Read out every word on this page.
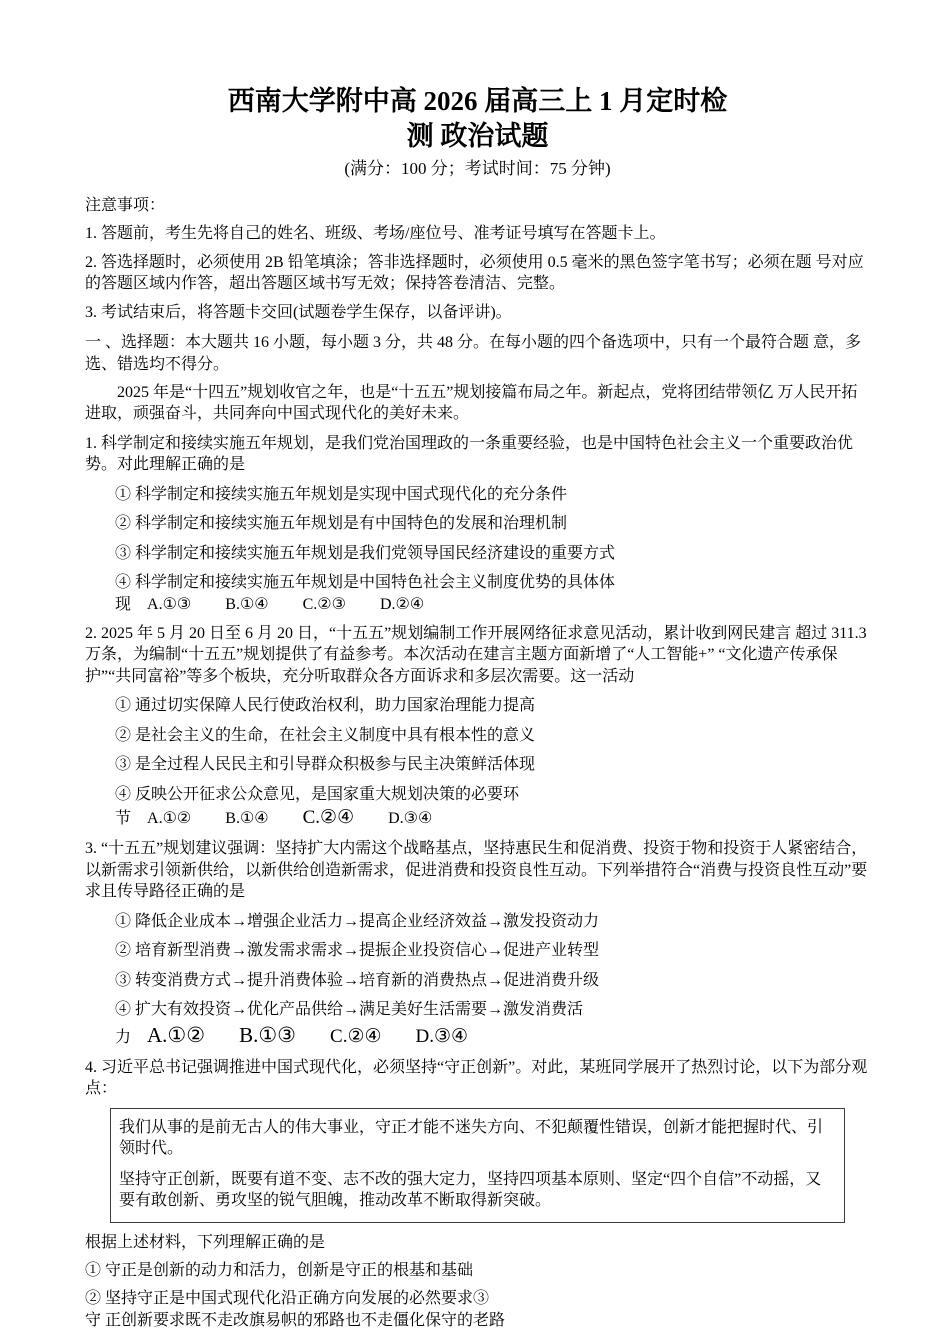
西南大学附中高 2026 届高三上 1 月定时检
测 政治试题
(满分：100 分；考试时间：75 分钟)

注意事项：

1. 答题前，考生先将自己的姓名、班级、考场/座位号、准考证号填写在答题卡上。

2. 答选择题时，必须使用 2B 铅笔填涂；答非选择题时，必须使用 0.5 毫米的黑色签字笔书写；必须在题 号对应的答题区域内作答，超出答题区域书写无效；保持答卷清洁、完整。

3. 考试结束后，将答题卡交回(试题卷学生保存，以备评讲)。

一 、选择题：本大题共 16 小题，每小题 3 分，共 48 分。在每小题的四个备选项中，只有一个最符合题 意，多选、错选均不得分。

2025 年是“十四五”规划收官之年，也是“十五五”规划接篇布局之年。新起点，党将团结带领亿 万人民开拓进取，顽强奋斗，共同奔向中国式现代化的美好未来。

1. 科学制定和接续实施五年规划，是我们党治国理政的一条重要经验，也是中国特色社会主义一个重要政治优势。对此理解正确的是

① 科学制定和接续实施五年规划是实现中国式现代化的充分条件

② 科学制定和接续实施五年规划是有中国特色的发展和治理机制

③ 科学制定和接续实施五年规划是我们党领导国民经济建设的重要方式

④ 科学制定和接续实施五年规划是中国特色社会主义制度优势的具体体
现 A.①③ B.①④ C.②③ D.②④

2. 2025 年 5 月 20 日至 6 月 20 日，“十五五”规划编制工作开展网络征求意见活动，累计收到网民建言 超过 311.3 万条，为编制“十五五”规划提供了有益参考。本次活动在建言主题方面新增了“人工智能+” “文化遗产传承保护”“共同富裕”等多个板块，充分听取群众各方面诉求和多层次需要。这一活动

① 通过切实保障人民行使政治权利，助力国家治理能力提高

② 是社会主义的生命，在社会主义制度中具有根本性的意义

③ 是全过程人民民主和引导群众积极参与民主决策鲜活体现

④ 反映公开征求公众意见，是国家重大规划决策的必要环
节 A.①② B.①④ C.②④ D.③④

3. “十五五”规划建议强调：坚持扩大内需这个战略基点，坚持惠民生和促消费、投资于物和投资于人紧密结合，以新需求引领新供给，以新供给创造新需求，促进消费和投资良性互动。下列举措符合“消费与投资良性互动”要求且传导路径正确的是

① 降低企业成本→增强企业活力→提高企业经济效益→激发投资动力

② 培育新型消费→激发需求需求→提振企业投资信心→促进产业转型

③ 转变消费方式→提升消费体验→培育新的消费热点→促进消费升级

④ 扩大有效投资→优化产品供给→满足美好生活需要→激发消费活
力 A.①② B.①③ C.②④ D.③④

4. 习近平总书记强调推进中国式现代化，必须坚持“守正创新”。对此，某班同学展开了热烈讨论，以下为部分观点：

我们从事的是前无古人的伟大事业，守正才能不迷失方向、不犯颠覆性错误，创新才能把握时代、引领时代。

坚持守正创新，既要有道不变、志不改的强大定力，坚持四项基本原则、坚定“四个自信”不动摇，又要有敢创新、勇攻坚的锐气胆魄，推动改革不断取得新突破。

根据上述材料，下列理解正确的是

① 守正是创新的动力和活力，创新是守正的根基和基础

② 坚持守正是中国式现代化沿正确方向发展的必然要求③

守 正创新要求既不走改旗易帜的邪路也不走僵化保守的老路
